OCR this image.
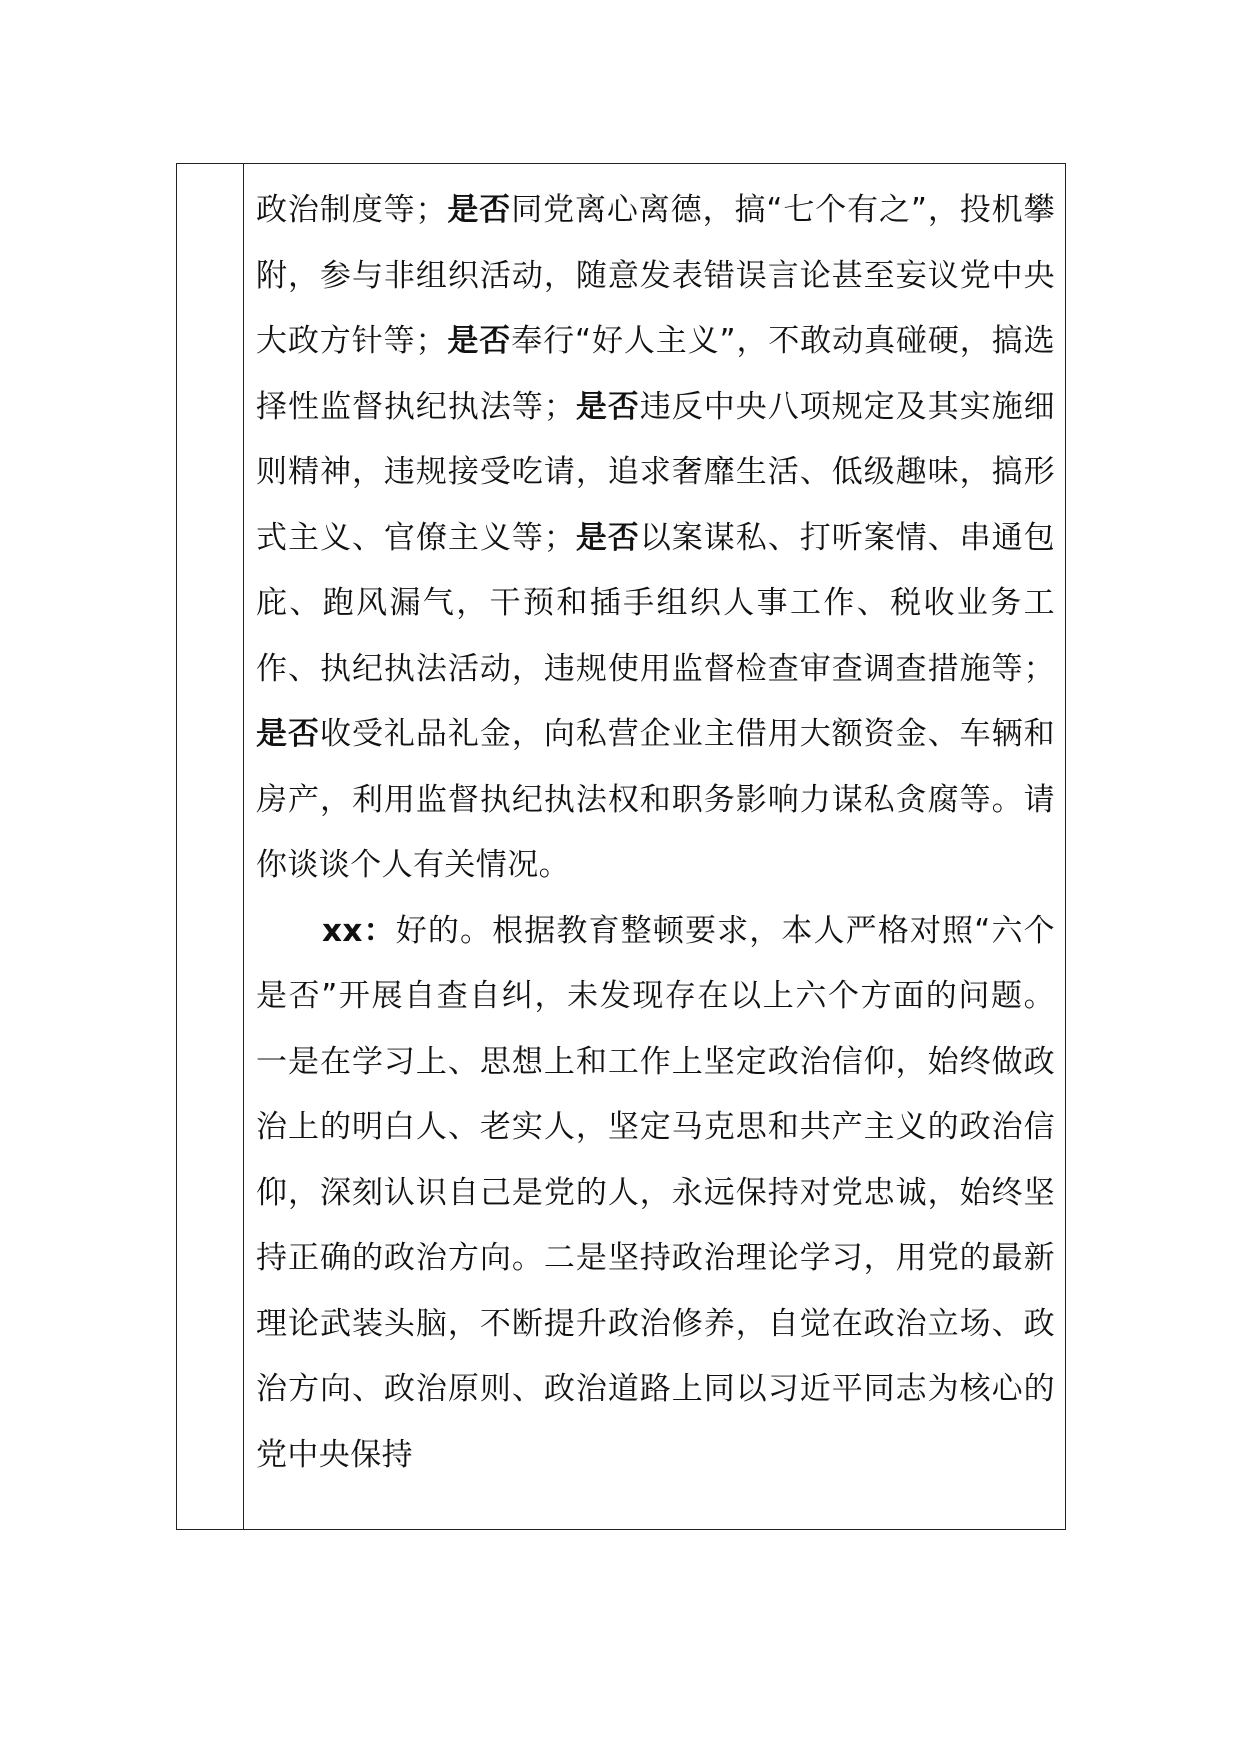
政治制度等；是否同党离心离德，搞“七个有之”，投机攀附，参与非组织活动，随意发表错误言论甚至妄议党中央大政方针等；是否奉行“好人主义”，不敢动真碰硬，搞选择性监督执纪执法等；是否违反中央八项规定及其实施细则精神，违规接受吃请，追求奢靡生活、低级趣味，搞形式主义、官僚主义等；是否以案谋私、打听案情、串通包庇、跑风漏气，干预和插手组织人事工作、税收业务工作、执纪执法活动，违规使用监督检查审查调查措施等；是否收受礼品礼金，向私营企业主借用大额资金、车辆和房产，利用监督执纪执法权和职务影响力谋私贪腐等。请你谈谈个人有关情况。

xx：好的。根据教育整顿要求，本人严格对照“六个是否”开展自查自纠，未发现存在以上六个方面的问题。一是在学习上、思想上和工作上坚定政治信仰，始终做政治上的明白人、老实人，坚定马克思和共产主义的政治信仰，深刻认识自己是党的人，永远保持对党忠诚，始终坚持正确的政治方向。二是坚持政治理论学习，用党的最新理论武装头脑，不断提升政治修养，自觉在政治立场、政治方向、政治原则、政治道路上同以习近平同志为核心的党中央保持
